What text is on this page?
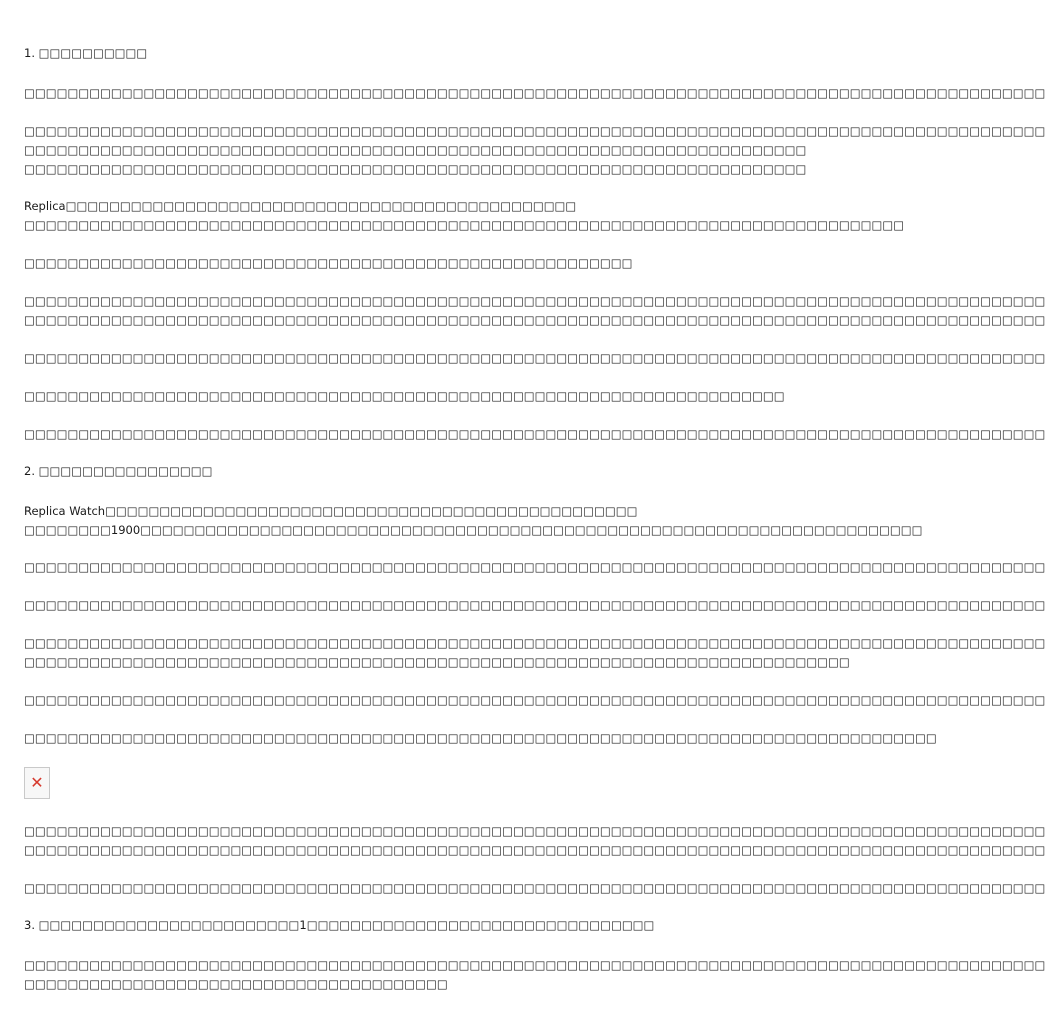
1. □□□□□□□□□□
□□□□□□□□□□□□□□□□□□□□□□□□□□□□□□□□□□□□□□□□□□□□□□□□□□□□□□□□□□□□□□□□□□□□□□□□□□□□□□□□□□□□□□□□□□□□□□
□□□□□□□□□□□□□□□□□□□□□□□□□□□□□□□□□□□□□□□□□□□□□□□□□□□□□□□□□□□□□□□□□□□□□□□□□□□□□□□□□□□□□□□□□□□□□□
□□□□□□□□□□□□□□□□□□□□□□□□□□□□□□□□□□□□□□□□□□□□□□□□□□□□□□□□□□□□□□□□□□□□□□□□
□□□□□□□□□□□□□□□□□□□□□□□□□□□□□□□□□□□□□□□□□□□□□□□□□□□□□□□□□□□□□□□□□□□□□□□□
Replica□□□□□□□□□□□□□□□□□□□□□□□□□□□□□□□□□□□□□□□□□□□□□□□
□□□□□□□□□□□□□□□□□□□□□□□□□□□□□□□□□□□□□□□□□□□□□□□□□□□□□□□□□□□□□□□□□□□□□□□□□□□□□□□□□
□□□□□□□□□□□□□□□□□□□□□□□□□□□□□□□□□□□□□□□□□□□□□□□□□□□□□□□□
□□□□□□□□□□□□□□□□□□□□□□□□□□□□□□□□□□□□□□□□□□□□□□□□□□□□□□□□□□□□□□□□□□□□□□□□□□□□□□□□□□□□□□□□□□□□□□
□□□□□□□□□□□□□□□□□□□□□□□□□□□□□□□□□□□□□□□□□□□□□□□□□□□□□□□□□□□□□□□□□□□□□□□□□□□□□□□□□□□□□□□□□□□□□□
□□□□□□□□□□□□□□□□□□□□□□□□□□□□□□□□□□□□□□□□□□□□□□□□□□□□□□□□□□□□□□□□□□□□□□□□□□□□□□□□□□□□□□□□□□□□□□
□□□□□□□□□□□□□□□□□□□□□□□□□□□□□□□□□□□□□□□□□□□□□□□□□□□□□□□□□□□□□□□□□□□□□□
□□□□□□□□□□□□□□□□□□□□□□□□□□□□□□□□□□□□□□□□□□□□□□□□□□□□□□□□□□□□□□□□□□□□□□□□□□□□□□□□□□□□□□□□□□□□□□
2. □□□□□□□□□□□□□□□□
Replica Watch□□□□□□□□□□□□□□□□□□□□□□□□□□□□□□□□□□□□□□□□□□□□□□□□□
□□□□□□□□1900□□□□□□□□□□□□□□□□□□□□□□□□□□□□□□□□□□□□□□□□□□□□□□□□□□□□□□□□□□□□□□□□□□□□□□□□
□□□□□□□□□□□□□□□□□□□□□□□□□□□□□□□□□□□□□□□□□□□□□□□□□□□□□□□□□□□□□□□□□□□□□□□□□□□□□□□□□□□□□□□□□□□□□□
□□□□□□□□□□□□□□□□□□□□□□□□□□□□□□□□□□□□□□□□□□□□□□□□□□□□□□□□□□□□□□□□□□□□□□□□□□□□□□□□□□□□□□□□□□□□□□
□□□□□□□□□□□□□□□□□□□□□□□□□□□□□□□□□□□□□□□□□□□□□□□□□□□□□□□□□□□□□□□□□□□□□□□□□□□□□□□□□□□□□□□□□□□□□□
□□□□□□□□□□□□□□□□□□□□□□□□□□□□□□□□□□□□□□□□□□□□□□□□□□□□□□□□□□□□□□□□□□□□□□□□□□□□
□□□□□□□□□□□□□□□□□□□□□□□□□□□□□□□□□□□□□□□□□□□□□□□□□□□□□□□□□□□□□□□□□□□□□□□□□□□□□□□□□□□□□□□□□□□□□□
□□□□□□□□□□□□□□□□□□□□□□□□□□□□□□□□□□□□□□□□□□□□□□□□□□□□□□□□□□□□□□□□□□□□□□□□□□□□□□□□□□□□
✕
□□□□□□□□□□□□□□□□□□□□□□□□□□□□□□□□□□□□□□□□□□□□□□□□□□□□□□□□□□□□□□□□□□□□□□□□□□□□□□□□□□□□□□□□□□□□□□
□□□□□□□□□□□□□□□□□□□□□□□□□□□□□□□□□□□□□□□□□□□□□□□□□□□□□□□□□□□□□□□□□□□□□□□□□□□□□□□□□□□□□□□□□□□□□□
□□□□□□□□□□□□□□□□□□□□□□□□□□□□□□□□□□□□□□□□□□□□□□□□□□□□□□□□□□□□□□□□□□□□□□□□□□□□□□□□□□□□□□□□□□□□□□
3. □□□□□□□□□□□□□□□□□□□□□□□□1□□□□□□□□□□□□□□□□□□□□□□□□□□□□□□□□
□□□□□□□□□□□□□□□□□□□□□□□□□□□□□□□□□□□□□□□□□□□□□□□□□□□□□□□□□□□□□□□□□□□□□□□□□□□□□□□□□□□□□□□□□□□□□□
□□□□□□□□□□□□□□□□□□□□□□□□□□□□□□□□□□□□□□□
